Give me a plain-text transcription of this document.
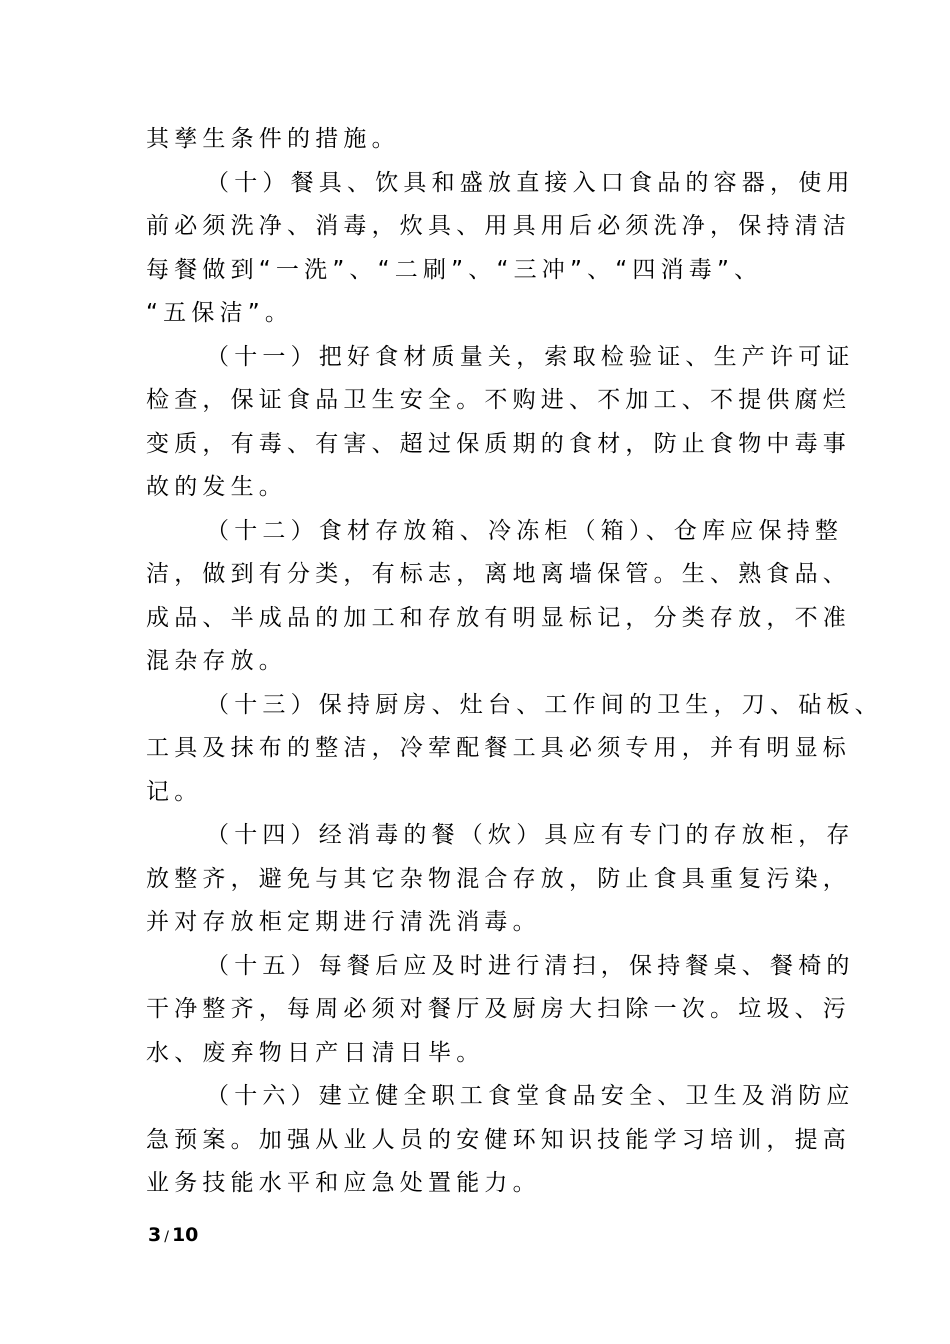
其孳生条件的措施。
（十）餐具、饮具和盛放直接入口食品的容器，使用
前必须洗净、消毒，炊具、用具用后必须洗净，保持清洁
每餐做到“一洗”、“二刷”、“三冲”、“四消毒”、
“五保洁”。
（十一）把好食材质量关，索取检验证、生产许可证
检查，保证食品卫生安全。不购进、不加工、不提供腐烂
变质，有毒、有害、超过保质期的食材，防止食物中毒事
故的发生。
（十二）食材存放箱、冷冻柜（箱）、仓库应保持整
洁，做到有分类，有标志，离地离墙保管。生、熟食品、
成品、半成品的加工和存放有明显标记，分类存放，不准
混杂存放。
（十三）保持厨房、灶台、工作间的卫生，刀、砧板、
工具及抹布的整洁，冷荤配餐工具必须专用，并有明显标
记。
（十四）经消毒的餐（炊）具应有专门的存放柜，存
放整齐，避免与其它杂物混合存放，防止食具重复污染，
并对存放柜定期进行清洗消毒。
（十五）每餐后应及时进行清扫，保持餐桌、餐椅的
干净整齐，每周必须对餐厅及厨房大扫除一次。垃圾、污
水、废弃物日产日清日毕。
（十六）建立健全职工食堂食品安全、卫生及消防应
急预案。加强从业人员的安健环知识技能学习培训，提高
业务技能水平和应急处置能力。
3 / 10
